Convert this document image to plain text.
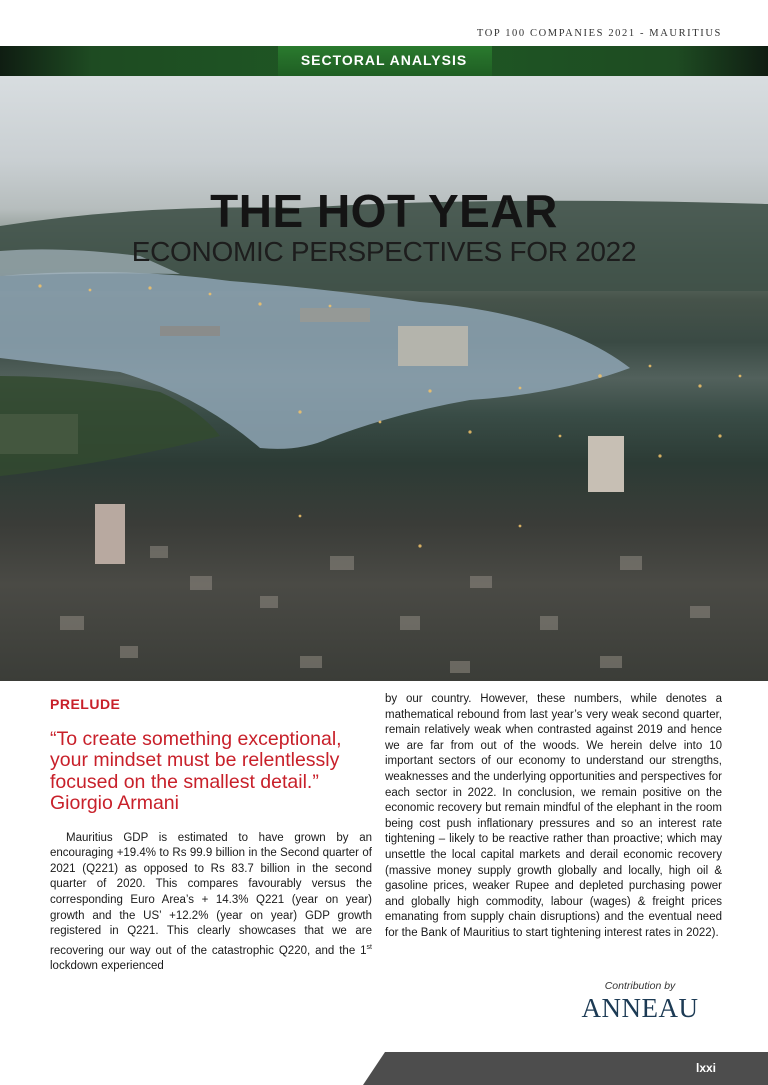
TOP 100 COMPANIES 2021 - MAURITIUS
SECTORAL ANALYSIS
THE HOT YEAR
ECONOMIC PERSPECTIVES FOR 2022
PRELUDE
“To create something exceptional, your mindset must be relentlessly focused on the smallest detail.”
Giorgio Armani

Mauritius GDP is estimated to have grown by an encouraging +19.4% to Rs 99.9 billion in the Second quarter of 2021 (Q221) as opposed to Rs 83.7 billion in the second quarter of 2020. This compares favourably versus the corresponding Euro Area’s + 14.3% Q221 (year on year) growth and the US’ +12.2% (year on year) GDP growth registered in Q221. This clearly showcases that we are recovering our way out of the catastrophic Q220, and the 1st lockdown experienced

by our country. However, these numbers, while denotes a mathematical rebound from last year’s very weak second quarter, remain relatively weak when contrasted against 2019 and hence we are far from out of the woods. We herein delve into 10 important sectors of our economy to understand our strengths, weaknesses and the underlying opportunities and perspectives for each sector in 2022. In conclusion, we remain positive on the economic recovery but remain mindful of the elephant in the room being cost push inflationary pressures and so an interest rate tightening – likely to be reactive rather than proactive; which may unsettle the local capital markets and derail economic recovery (massive money supply growth globally and locally, high oil & gasoline prices, weaker Rupee and depleted purchasing power and globally high commodity, labour (wages) & freight prices emanating from supply chain disruptions) and the eventual need for the Bank of Mauritius to start tightening interest rates in 2022).

Contribution by
ANNEAU
lxxi
